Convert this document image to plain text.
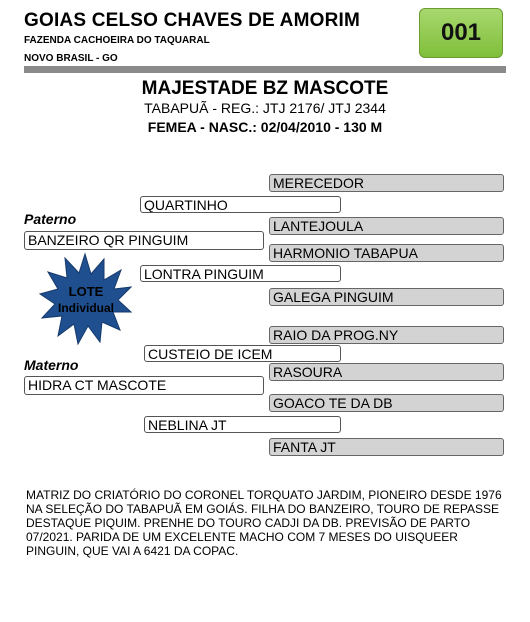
GOIAS CELSO CHAVES DE AMORIM
FAZENDA CACHOEIRA DO TAQUARAL
NOVO BRASIL - GO
001
MAJESTADE BZ MASCOTE
TABAPUÃ - REG.: JTJ 2176/ JTJ 2344
FEMEA - NASC.: 02/04/2010 - 130 M
LOTE
Individual
Paterno
BANZEIRO QR PINGUIM
QUARTINHO
LONTRA PINGUIM
MERECEDOR
LANTEJOULA
HARMONIO TABAPUA
GALEGA PINGUIM
Materno
HIDRA CT MASCOTE
CUSTEIO DE ICEM
NEBLINA JT
RAIO DA PROG.NY
RASOURA
GOACO TE DA DB
FANTA JT
MATRIZ DO CRIATÓRIO DO CORONEL TORQUATO JARDIM, PIONEIRO DESDE 1976 NA SELEÇÃO DO TABAPUÃ EM GOIÁS. FILHA DO BANZEIRO, TOURO DE REPASSE DESTAQUE PIQUIM. PRENHE DO TOURO CADJI DA DB. PREVISÃO DE PARTO 07/2021. PARIDA DE UM EXCELENTE MACHO COM 7 MESES DO UISQUEER PINGUIN, QUE VAI A 6421 DA COPAC.
